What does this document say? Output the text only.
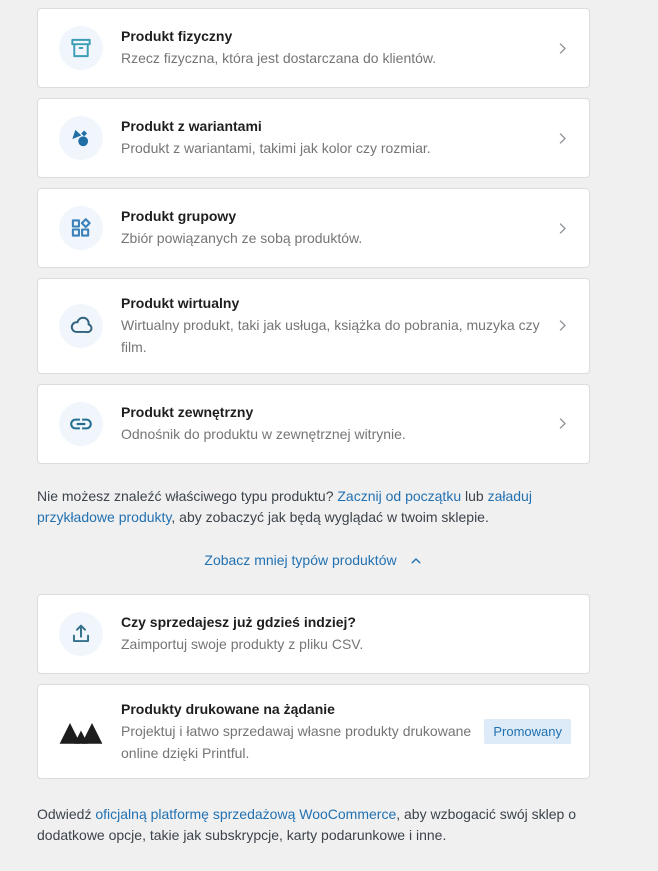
Produkt fizyczny
Rzecz fizyczna, która jest dostarczana do klientów.
Produkt z wariantami
Produkt z wariantami, takimi jak kolor czy rozmiar.
Produkt grupowy
Zbiór powiązanych ze sobą produktów.
Produkt wirtualny
Wirtualny produkt, taki jak usługa, książka do pobrania, muzyka czy film.
Produkt zewnętrzny
Odnośnik do produktu w zewnętrznej witrynie.

Nie możesz znaleźć właściwego typu produktu? Zacznij od początku lub załaduj przykładowe produkty, aby zobaczyć jak będą wyglądać w twoim sklepie.

Zobacz mniej typów produktów
Czy sprzedajesz już gdzieś indziej?
Zaimportuj swoje produkty z pliku CSV.
Produkty drukowane na żądanie
Projektuj i łatwo sprzedawaj własne produkty drukowane online dzięki Printful.
Promowany

Odwiedź oficjalną platformę sprzedażową WooCommerce, aby wzbogacić swój sklep o dodatkowe opcje, takie jak subskrypcje, karty podarunkowe i inne.
